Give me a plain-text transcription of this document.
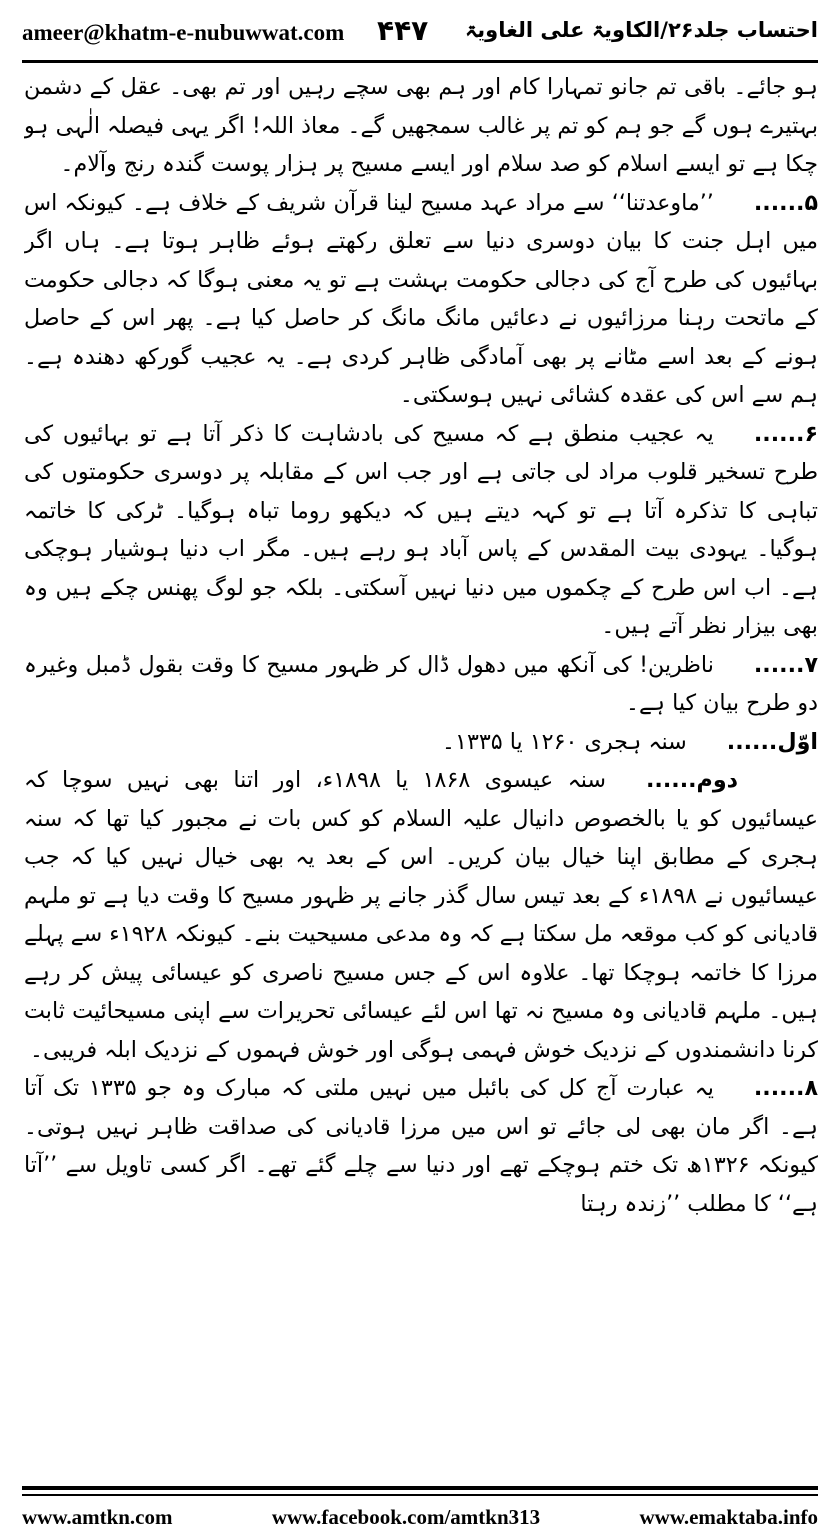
ameer@khatm-e-nubuwwat.com ۴۴۷ احتساب جلد۲۶/الکاویۃ علی الغاویۃ

ہو جائے۔ باقی تم جانو تمہارا کام اور ہم بھی سچے رہیں اور تم بھی۔ عقل کے دشمن بہتیرے ہوں گے جو ہم کو تم پر غالب سمجھیں گے۔ معاذ اللہ! اگر یہی فیصلہ الٰہی ہو چکا ہے تو ایسے اسلام کو صد سلام اور ایسے مسیح پر ہزار پوست گندہ رنج وآلام۔

۵......’’ماوعدتنا‘‘ سے مراد عہد مسیح لینا قرآن شریف کے خلاف ہے۔ کیونکہ اس میں اہل جنت کا بیان دوسری دنیا سے تعلق رکھتے ہوئے ظاہر ہوتا ہے۔ ہاں اگر بہائیوں کی طرح آج کی دجالی حکومت بہشت ہے تو یہ معنی ہوگا کہ دجالی حکومت کے ماتحت رہنا مرزائیوں نے دعائیں مانگ مانگ کر حاصل کیا ہے۔ پھر اس کے حاصل ہونے کے بعد اسے مٹانے پر بھی آمادگی ظاہر کردی ہے۔ یہ عجیب گورکھ دھندہ ہے۔ ہم سے اس کی عقدہ کشائی نہیں ہوسکتی۔

۶......یہ عجیب منطق ہے کہ مسیح کی بادشاہت کا ذکر آتا ہے تو بہائیوں کی طرح تسخیر قلوب مراد لی جاتی ہے اور جب اس کے مقابلہ پر دوسری حکومتوں کی تباہی کا تذکرہ آتا ہے تو کہہ دیتے ہیں کہ دیکھو روما تباہ ہوگیا۔ ٹرکی کا خاتمہ ہوگیا۔ یہودی بیت المقدس کے پاس آباد ہو رہے ہیں۔ مگر اب دنیا ہوشیار ہوچکی ہے۔ اب اس طرح کے چکموں میں دنیا نہیں آسکتی۔ بلکہ جو لوگ پھنس چکے ہیں وہ بھی بیزار نظر آتے ہیں۔

۷......ناظرین! کی آنکھ میں دھول ڈال کر ظہور مسیح کا وقت بقول ڈمبل وغیرہ دو طرح بیان کیا ہے۔

اوّل......سنہ ہجری ۱۲۶۰ یا ۱۳۳۵۔

دوم......سنہ عیسوی ۱۸۶۸ یا ۱۸۹۸ء، اور اتنا بھی نہیں سوچا کہ عیسائیوں کو یا بالخصوص دانیال علیہ السلام کو کس بات نے مجبور کیا تھا کہ سنہ ہجری کے مطابق اپنا خیال بیان کریں۔ اس کے بعد یہ بھی خیال نہیں کیا کہ جب عیسائیوں نے ۱۸۹۸ء کے بعد تیس سال گذر جانے پر ظہور مسیح کا وقت دیا ہے تو ملہم قادیانی کو کب موقعہ مل سکتا ہے کہ وہ مدعی مسیحیت بنے۔ کیونکہ ۱۹۲۸ء سے پہلے مرزا کا خاتمہ ہوچکا تھا۔ علاوہ اس کے جس مسیح ناصری کو عیسائی پیش کر رہے ہیں۔ ملہم قادیانی وہ مسیح نہ تھا اس لئے عیسائی تحریرات سے اپنی مسیحائیت ثابت کرنا دانشمندوں کے نزدیک خوش فہمی ہوگی اور خوش فہموں کے نزدیک ابلہ فریبی۔

۸......یہ عبارت آج کل کی بائبل میں نہیں ملتی کہ مبارک وہ جو ۱۳۳۵ تک آتا ہے۔ اگر مان بھی لی جائے تو اس میں مرزا قادیانی کی صداقت ظاہر نہیں ہوتی۔ کیونکہ ۱۳۲۶ھ تک ختم ہوچکے تھے اور دنیا سے چلے گئے تھے۔ اگر کسی تاویل سے ’’آتا ہے‘‘ کا مطلب ’’زندہ رہتا

www.amtkn.com	www.facebook.com/amtkn313	www.emaktaba.info
